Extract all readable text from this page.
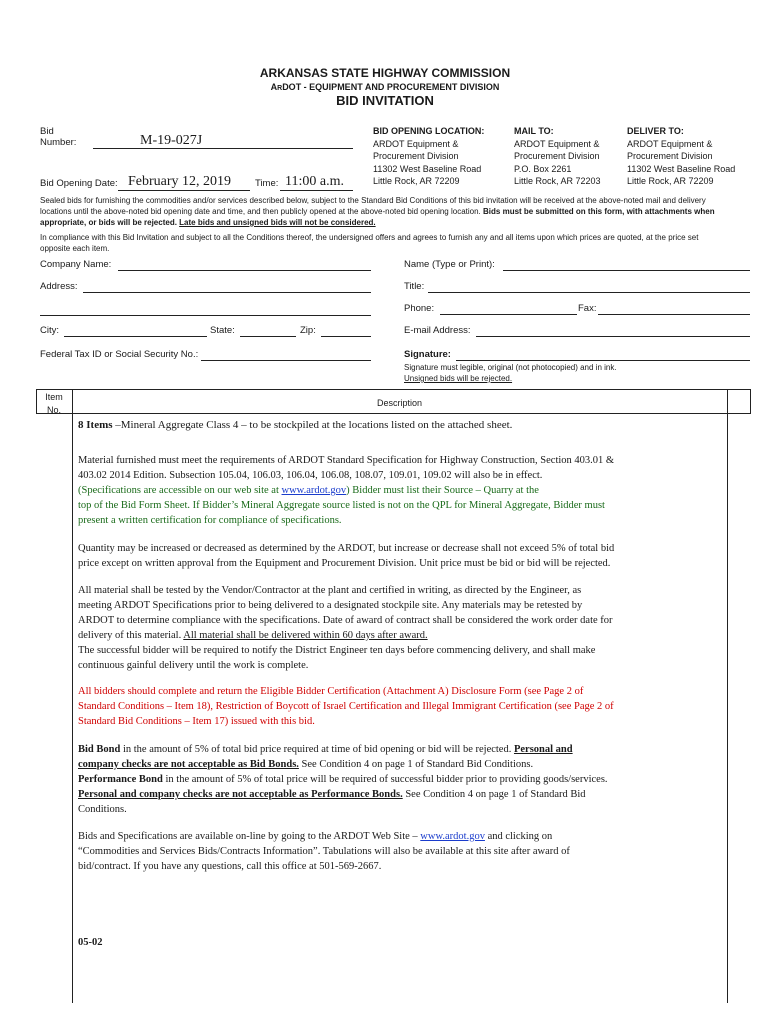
ARKANSAS STATE HIGHWAY COMMISSION
ARDOT - EQUIPMENT AND PROCUREMENT DIVISION
BID INVITATION
Bid
Number:	M-19-027J
Bid Opening Date: February 12, 2019	Time: 11:00 a.m.
BID OPENING LOCATION:
ARDOT Equipment &
Procurement Division
11302 West Baseline Road
Little Rock, AR 72209
MAIL TO:
ARDOT Equipment &
Procurement Division
P.O. Box 2261
Little Rock, AR 72203
DELIVER TO:
ARDOT Equipment &
Procurement Division
11302 West Baseline Road
Little Rock, AR 72209
Sealed bids for furnishing the commodities and/or services described below, subject to the Standard Bid Conditions of this bid invitation will be received at the above-noted mail and delivery locations until the above-noted bid opening date and time, and then publicly opened at the above-noted bid opening location. Bids must be submitted on this form, with attachments when appropriate, or bids will be rejected. Late bids and unsigned bids will not be considered.
In compliance with this Bid Invitation and subject to all the Conditions thereof, the undersigned offers and agrees to furnish any and all items upon which prices are quoted, at the price set opposite each item.
Company Name:
Address:
City:	State:	Zip:
Federal Tax ID or Social Security No.:
Name (Type or Print):
Title:
Phone:	Fax:
E-mail Address:
Signature:
Signature must legible, original (not photocopied) and in ink.
Unsigned bids will be rejected.
Item
No.
Description
8 Items –Mineral Aggregate Class 4 – to be stockpiled at the locations listed on the attached sheet.
Material furnished must meet the requirements of ARDOT Standard Specification for Highway Construction, Section 403.01 &
403.02 2014 Edition. Subsection 105.04, 106.03, 106.04, 106.08, 108.07, 109.01, 109.02 will also be in effect.
(Specifications are accessible on our web site at www.ardot.gov) Bidder must list their Source – Quarry at the
top of the Bid Form Sheet. If Bidder’s Mineral Aggregate source listed is not on the QPL for Mineral Aggregate, Bidder must
present a written certification for compliance of specifications.
Quantity may be increased or decreased as determined by the ARDOT, but increase or decrease shall not exceed 5% of total bid
price except on written approval from the Equipment and Procurement Division. Unit price must be bid or bid will be rejected.
All material shall be tested by the Vendor/Contractor at the plant and certified in writing, as directed by the Engineer, as
meeting ARDOT Specifications prior to being delivered to a designated stockpile site. Any materials may be retested by
ARDOT to determine compliance with the specifications. Date of award of contract shall be considered the work order date for
delivery of this material. All material shall be delivered within 60 days after award.
The successful bidder will be required to notify the District Engineer ten days before commencing delivery, and shall make
continuous gainful delivery until the work is complete.
All bidders should complete and return the Eligible Bidder Certification (Attachment A) Disclosure Form (see Page 2 of
Standard Conditions – Item 18), Restriction of Boycott of Israel Certification and Illegal Immigrant Certification (see Page 2 of
Standard Bid Conditions – Item 17) issued with this bid.
Bid Bond in the amount of 5% of total bid price required at time of bid opening or bid will be rejected. Personal and
company checks are not acceptable as Bid Bonds. See Condition 4 on page 1 of Standard Bid Conditions.
Performance Bond in the amount of 5% of total price will be required of successful bidder prior to providing goods/services.
Personal and company checks are not acceptable as Performance Bonds. See Condition 4 on page 1 of Standard Bid
Conditions.
Bids and Specifications are available on-line by going to the ARDOT Web Site – www.ardot.gov and clicking on
“Commodities and Services Bids/Contracts Information”. Tabulations will also be available at this site after award of
bid/contract. If you have any questions, call this office at 501-569-2667.
05-02
